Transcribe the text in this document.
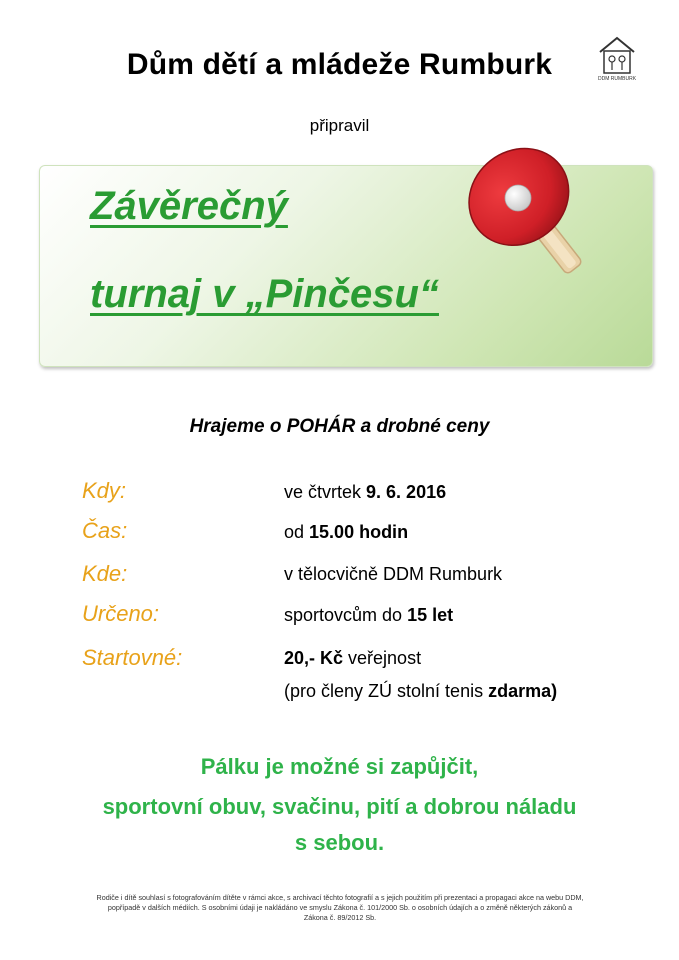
Dům dětí a mládeže Rumburk	DDM RUMBURK
připravil
Závěrečný
turnaj v „Pinčesu“
Hrajeme o POHÁR a drobné ceny
Kdy:	ve čtvrtek 9. 6. 2016
Čas:	od 15.00 hodin
Kde:	v tělocvičně DDM Rumburk
Určeno:	sportovcům do 15 let
Startovné:	20,- Kč veřejnost
(pro členy ZÚ stolní tenis zdarma)
Pálku je možné si zapůjčit,
sportovní obuv, svačinu, pití a dobrou náladu
s sebou.
Rodiče i dítě souhlasí s fotografováním dítěte v rámci akce, s archivací těchto fotografií a s jejich použitím při prezentaci a propagaci akce na webu DDM,
popřípadě v dalších médiích. S osobními údaji je nakládáno ve smyslu Zákona č. 101/2000 Sb. o osobních údajích a o změně některých zákonů a
Zákona č. 89/2012 Sb.
